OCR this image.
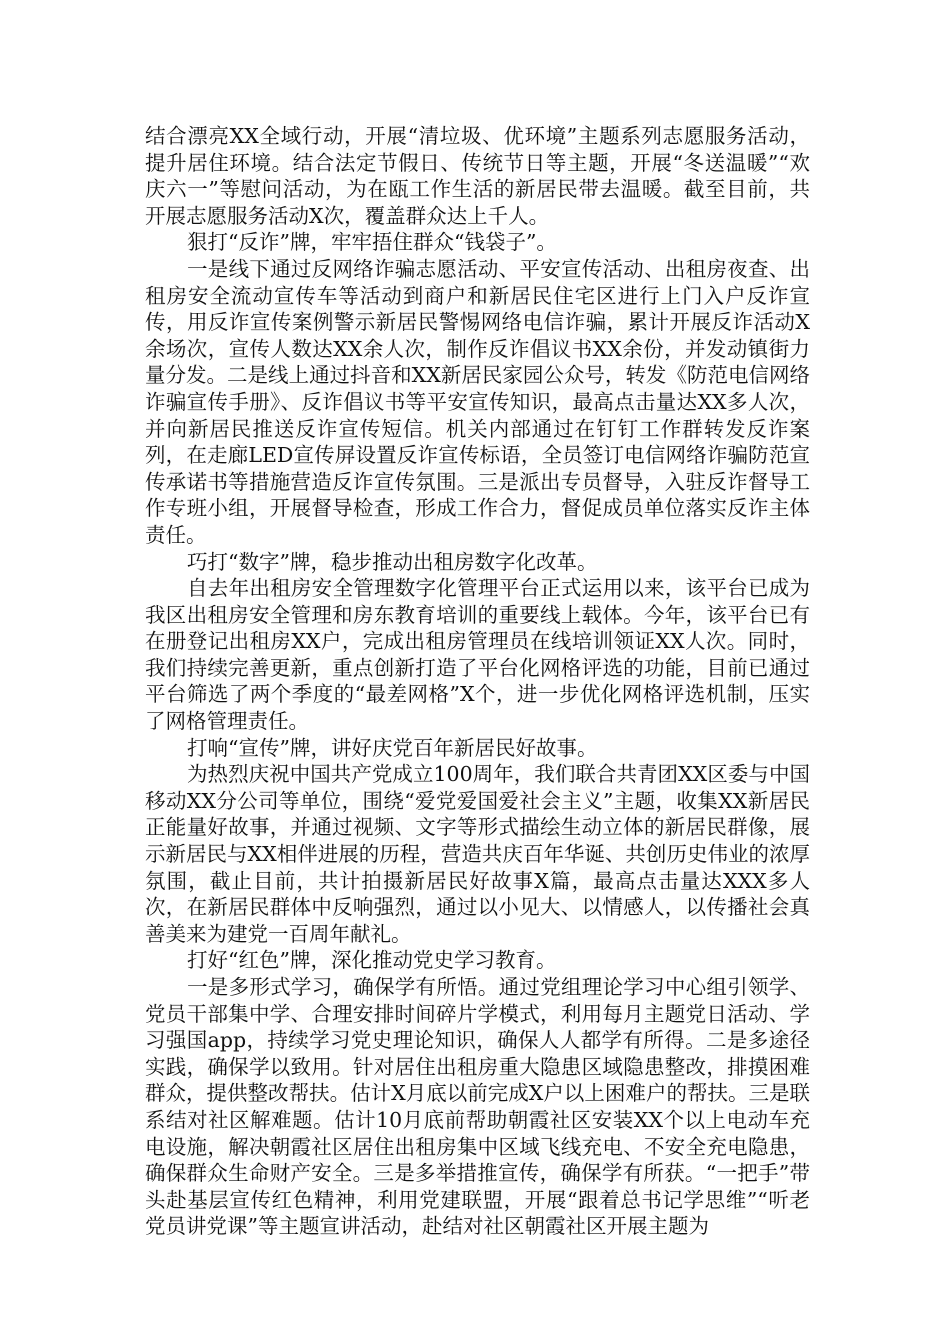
结合漂亮XX全域行动，开展“清垃圾、优环境”主题系列志愿服务活动，提升居住环境。结合法定节假日、传统节日等主题，开展“冬送温暖”“欢庆六一”等慰问活动，为在瓯工作生活的新居民带去温暖。截至目前，共开展志愿服务活动X次，覆盖群众达上千人。

狠打“反诈”牌，牢牢捂住群众“钱袋子”。

一是线下通过反网络诈骗志愿活动、平安宣传活动、出租房夜查、出租房安全流动宣传车等活动到商户和新居民住宅区进行上门入户反诈宣传，用反诈宣传案例警示新居民警惕网络电信诈骗，累计开展反诈活动X余场次，宣传人数达XX余人次，制作反诈倡议书XX余份，并发动镇街力量分发。二是线上通过抖音和XX新居民家园公众号，转发《防范电信网络诈骗宣传手册》、反诈倡议书等平安宣传知识，最高点击量达XX多人次，并向新居民推送反诈宣传短信。机关内部通过在钉钉工作群转发反诈案列，在走廊LED宣传屏设置反诈宣传标语，全员签订电信网络诈骗防范宣传承诺书等措施营造反诈宣传氛围。三是派出专员督导，入驻反诈督导工作专班小组，开展督导检查，形成工作合力，督促成员单位落实反诈主体责任。

巧打“数字”牌，稳步推动出租房数字化改革。

自去年出租房安全管理数字化管理平台正式运用以来，该平台已成为我区出租房安全管理和房东教育培训的重要线上载体。今年，该平台已有在册登记出租房XX户，完成出租房管理员在线培训领证XX人次。同时，我们持续完善更新，重点创新打造了平台化网格评选的功能，目前已通过平台筛选了两个季度的“最差网格”X个，进一步优化网格评选机制，压实了网格管理责任。

打响“宣传”牌，讲好庆党百年新居民好故事。

为热烈庆祝中国共产党成立100周年，我们联合共青团XX区委与中国移动XX分公司等单位，围绕“爱党爱国爱社会主义”主题，收集XX新居民正能量好故事，并通过视频、文字等形式描绘生动立体的新居民群像，展示新居民与XX相伴进展的历程，营造共庆百年华诞、共创历史伟业的浓厚氛围，截止目前，共计拍摄新居民好故事X篇，最高点击量达XXX多人次，在新居民群体中反响强烈，通过以小见大、以情感人，以传播社会真善美来为建党一百周年献礼。

打好“红色”牌，深化推动党史学习教育。

一是多形式学习，确保学有所悟。通过党组理论学习中心组引领学、党员干部集中学、合理安排时间碎片学模式，利用每月主题党日活动、学习强国app，持续学习党史理论知识，确保人人都学有所得。二是多途径实践，确保学以致用。针对居住出租房重大隐患区域隐患整改，排摸困难群众，提供整改帮扶。估计X月底以前完成X户以上困难户的帮扶。三是联系结对社区解难题。估计10月底前帮助朝霞社区安装XX个以上电动车充电设施，解决朝霞社区居住出租房集中区域飞线充电、不安全充电隐患，确保群众生命财产安全。三是多举措推宣传，确保学有所获。“一把手”带头赴基层宣传红色精神，利用党建联盟，开展“跟着总书记学思维”“听老党员讲党课”等主题宣讲活动，赴结对社区朝霞社区开展主题为
